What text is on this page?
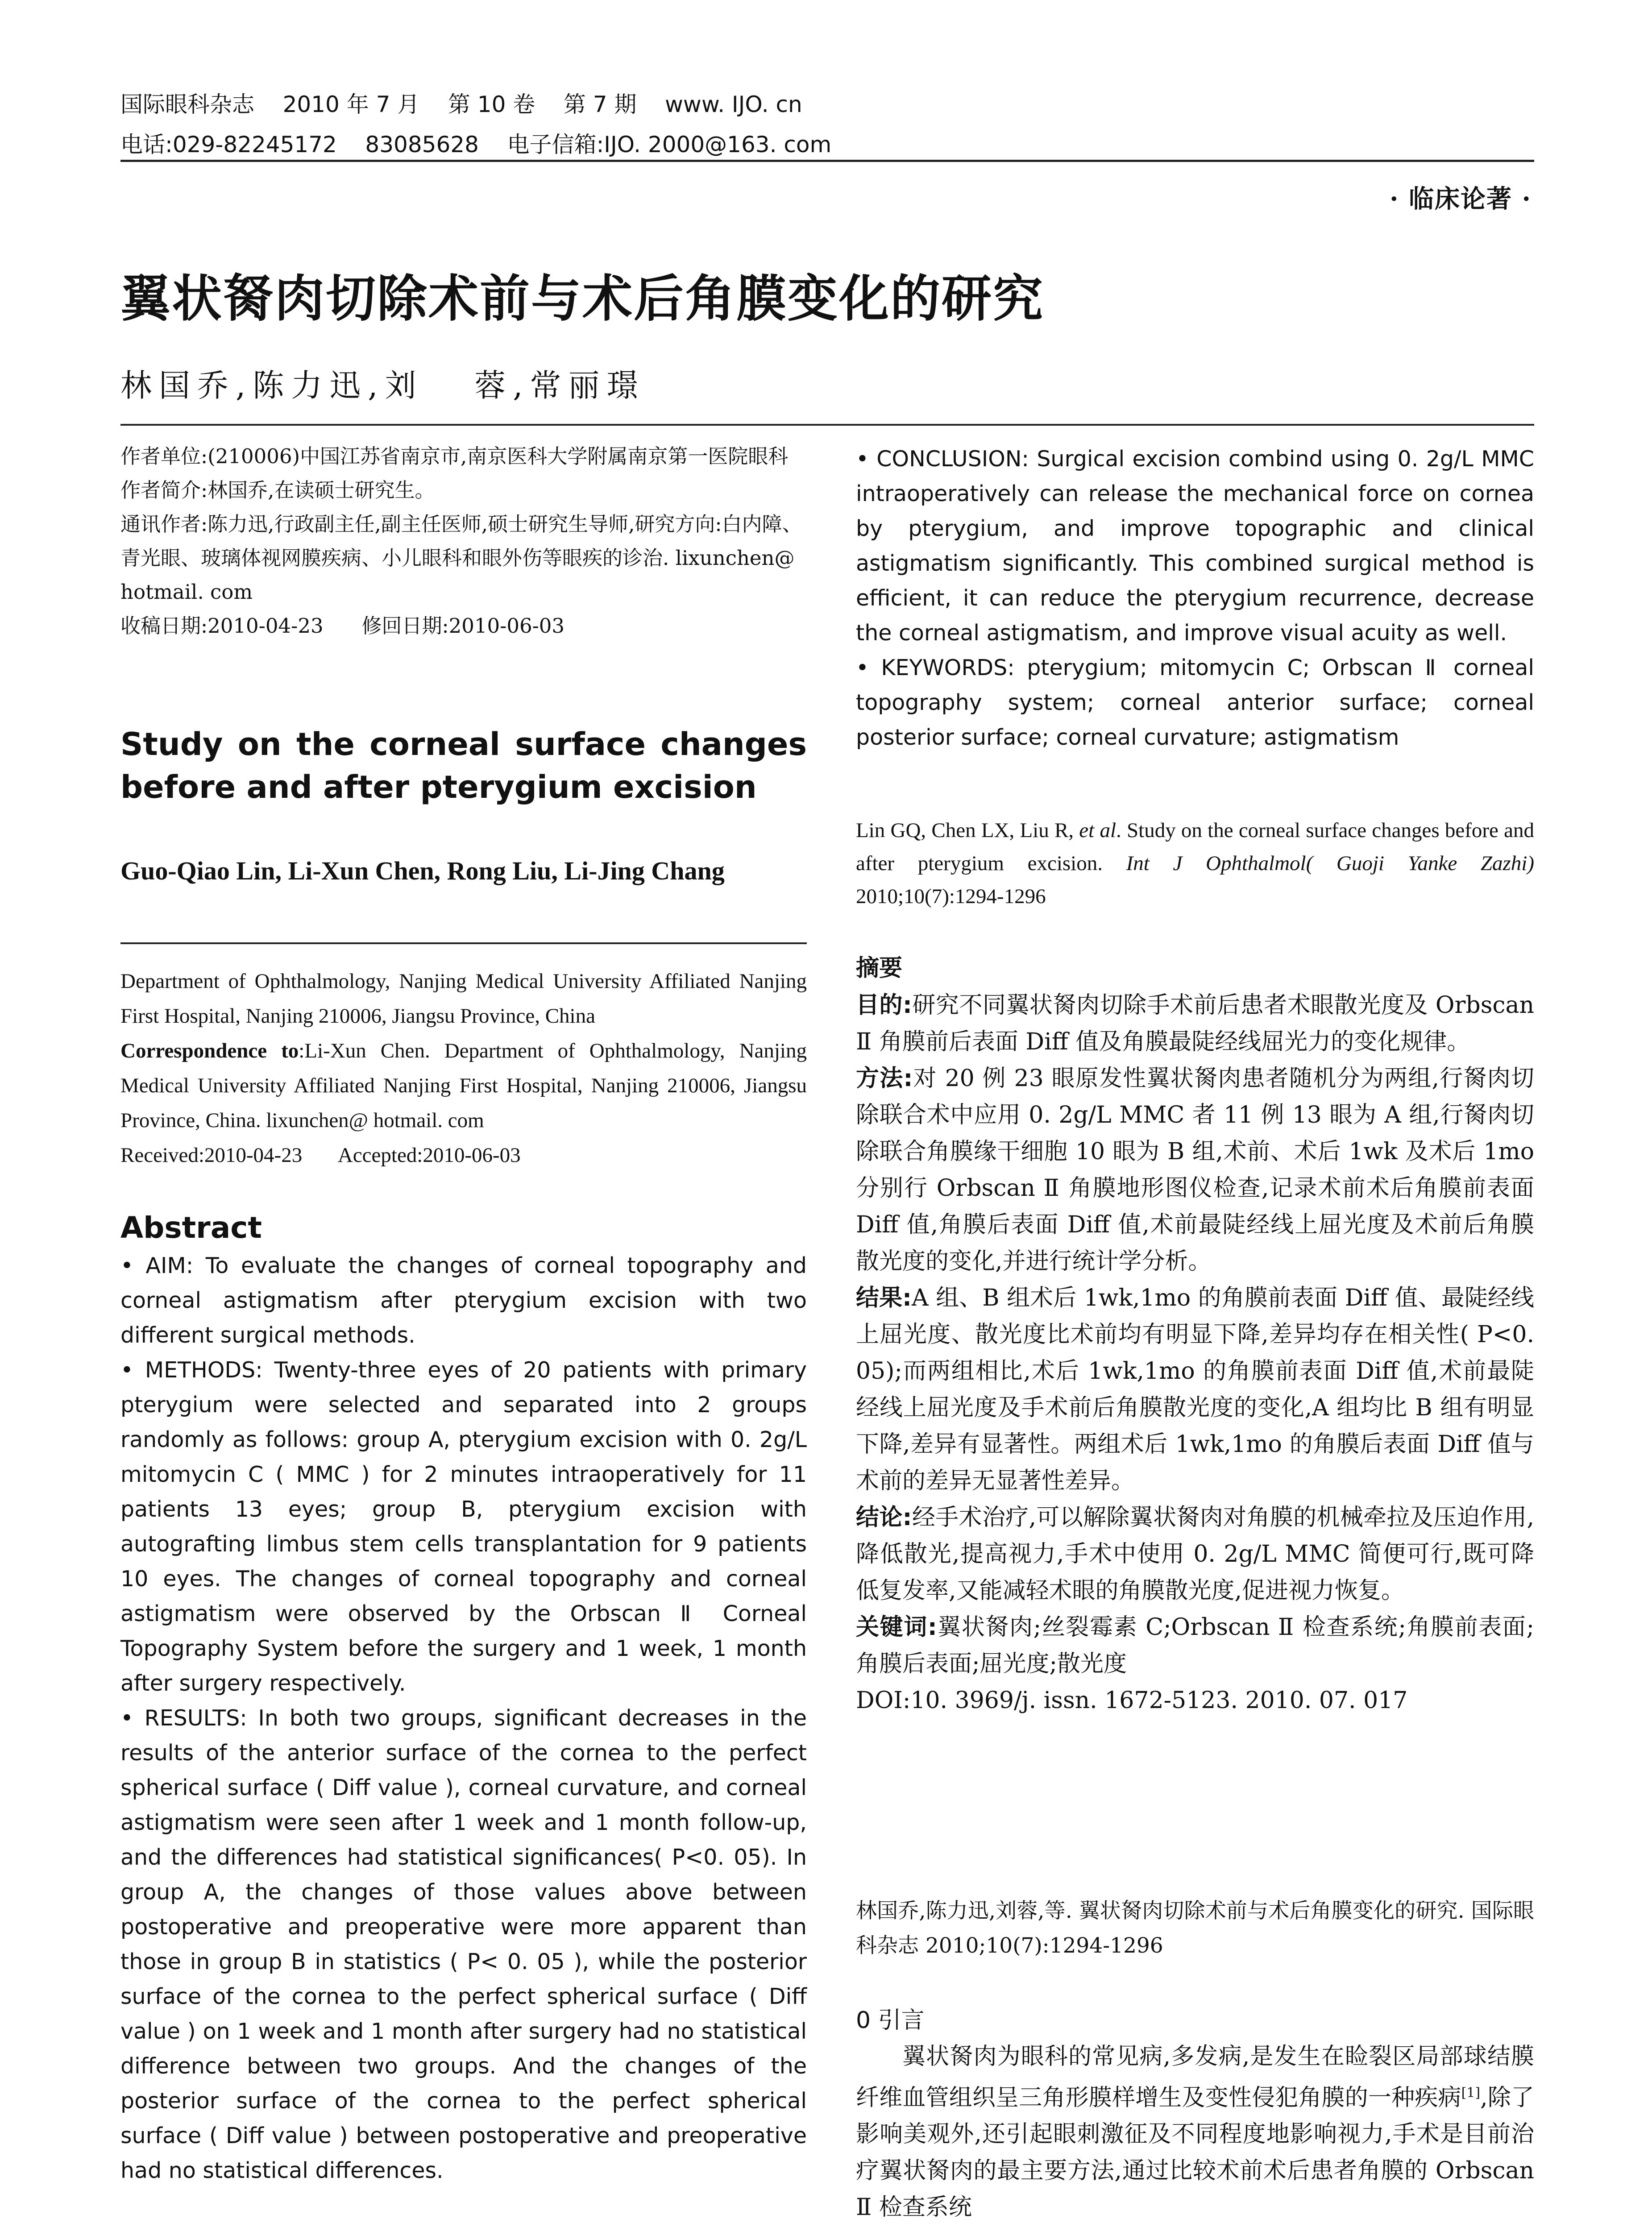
国际眼科杂志    2010 年 7 月    第 10 卷    第 7 期    www. IJO. cn
电话:029-82245172    83085628    电子信箱:IJO. 2000@163. com
· 临床论著 ·
翼状胬肉切除术前与术后角膜变化的研究
林国乔,陈力迅,刘   蓉,常丽璟

作者单位:(210006)中国江苏省南京市,南京医科大学附属南京第一医院眼科

作者简介:林国乔,在读硕士研究生。

通讯作者:陈力迅,行政副主任,副主任医师,硕士研究生导师,研究方向:白内障、青光眼、玻璃体视网膜疾病、小儿眼科和眼外伤等眼疾的诊治. lixunchen@ hotmail. com

收稿日期:2010-04-23      修回日期:2010-06-03

Study on the corneal surface changes before and after pterygium excision
Guo-Qiao Lin, Li-Xun Chen, Rong Liu, Li-Jing Chang

Department of Ophthalmology, Nanjing Medical University Affiliated Nanjing First Hospital, Nanjing 210006, Jiangsu Province, China

Correspondence to:Li-Xun Chen. Department of Ophthalmology, Nanjing Medical University Affiliated Nanjing First Hospital, Nanjing 210006, Jiangsu Province, China. lixunchen@ hotmail. com

Received:2010-04-23       Accepted:2010-06-03

Abstract

• AIM: To evaluate the changes of corneal topography and corneal astigmatism after pterygium excision with two different surgical methods.

• METHODS: Twenty-three eyes of 20 patients with primary pterygium were selected and separated into 2 groups randomly as follows: group A, pterygium excision with 0. 2g/L mitomycin C ( MMC ) for 2 minutes intraoperatively for 11 patients 13 eyes; group B, pterygium excision with autografting limbus stem cells transplantation for 9 patients 10 eyes. The changes of corneal topography and corneal astigmatism were observed by the Orbscan Ⅱ Corneal Topography System before the surgery and 1 week, 1 month after surgery respectively.

• RESULTS: In both two groups, significant decreases in the results of the anterior surface of the cornea to the perfect spherical surface ( Diff value ), corneal curvature, and corneal astigmatism were seen after 1 week and 1 month follow-up, and the differences had statistical significances( P<0. 05). In group A, the changes of those values above between postoperative and preoperative were more apparent than those in group B in statistics ( P< 0. 05 ), while the posterior surface of the cornea to the perfect spherical surface ( Diff value ) on 1 week and 1 month after surgery had no statistical difference between two groups. And the changes of the posterior surface of the cornea to the perfect spherical surface ( Diff value ) between postoperative and preoperative had no statistical differences.

• CONCLUSION: Surgical excision combind using 0. 2g/L MMC intraoperatively can release the mechanical force on cornea by pterygium, and improve topographic and clinical astigmatism significantly. This combined surgical method is efficient, it can reduce the pterygium recurrence, decrease the corneal astigmatism, and improve visual acuity as well.

• KEYWORDS: pterygium; mitomycin C; Orbscan Ⅱ corneal topography system; corneal anterior surface; corneal posterior surface; corneal curvature; astigmatism

Lin GQ, Chen LX, Liu R, et al. Study on the corneal surface changes before and after pterygium excision. Int J Ophthalmol( Guoji Yanke Zazhi) 2010;10(7):1294-1296
摘要

目的:研究不同翼状胬肉切除手术前后患者术眼散光度及 Orbscan Ⅱ 角膜前后表面 Diff 值及角膜最陡经线屈光力的变化规律。

方法:对 20 例 23 眼原发性翼状胬肉患者随机分为两组,行胬肉切除联合术中应用 0. 2g/L MMC 者 11 例 13 眼为 A 组,行胬肉切除联合角膜缘干细胞 10 眼为 B 组,术前、术后 1wk 及术后 1mo 分别行 Orbscan Ⅱ 角膜地形图仪检查,记录术前术后角膜前表面 Diff 值,角膜后表面 Diff 值,术前最陡经线上屈光度及术前后角膜散光度的变化,并进行统计学分析。

结果:A 组、B 组术后 1wk,1mo 的角膜前表面 Diff 值、最陡经线上屈光度、散光度比术前均有明显下降,差异均存在相关性( P<0. 05);而两组相比,术后 1wk,1mo 的角膜前表面 Diff 值,术前最陡经线上屈光度及手术前后角膜散光度的变化,A 组均比 B 组有明显下降,差异有显著性。两组术后 1wk,1mo 的角膜后表面 Diff 值与术前的差异无显著性差异。

结论:经手术治疗,可以解除翼状胬肉对角膜的机械牵拉及压迫作用,降低散光,提高视力,手术中使用 0. 2g/L MMC 简便可行,既可降低复发率,又能减轻术眼的角膜散光度,促进视力恢复。

关键词:翼状胬肉;丝裂霉素 C;Orbscan Ⅱ 检查系统;角膜前表面;角膜后表面;屈光度;散光度

DOI:10. 3969/j. issn. 1672-5123. 2010. 07. 017

林国乔,陈力迅,刘蓉,等. 翼状胬肉切除术前与术后角膜变化的研究. 国际眼科杂志 2010;10(7):1294-1296
0 引言

翼状胬肉为眼科的常见病,多发病,是发生在睑裂区局部球结膜纤维血管组织呈三角形膜样增生及变性侵犯角膜的一种疾病[1],除了影响美观外,还引起眼刺激征及不同程度地影响视力,手术是目前治疗翼状胬肉的最主要方法,通过比较术前术后患者角膜的 Orbscan Ⅱ 检查系统
